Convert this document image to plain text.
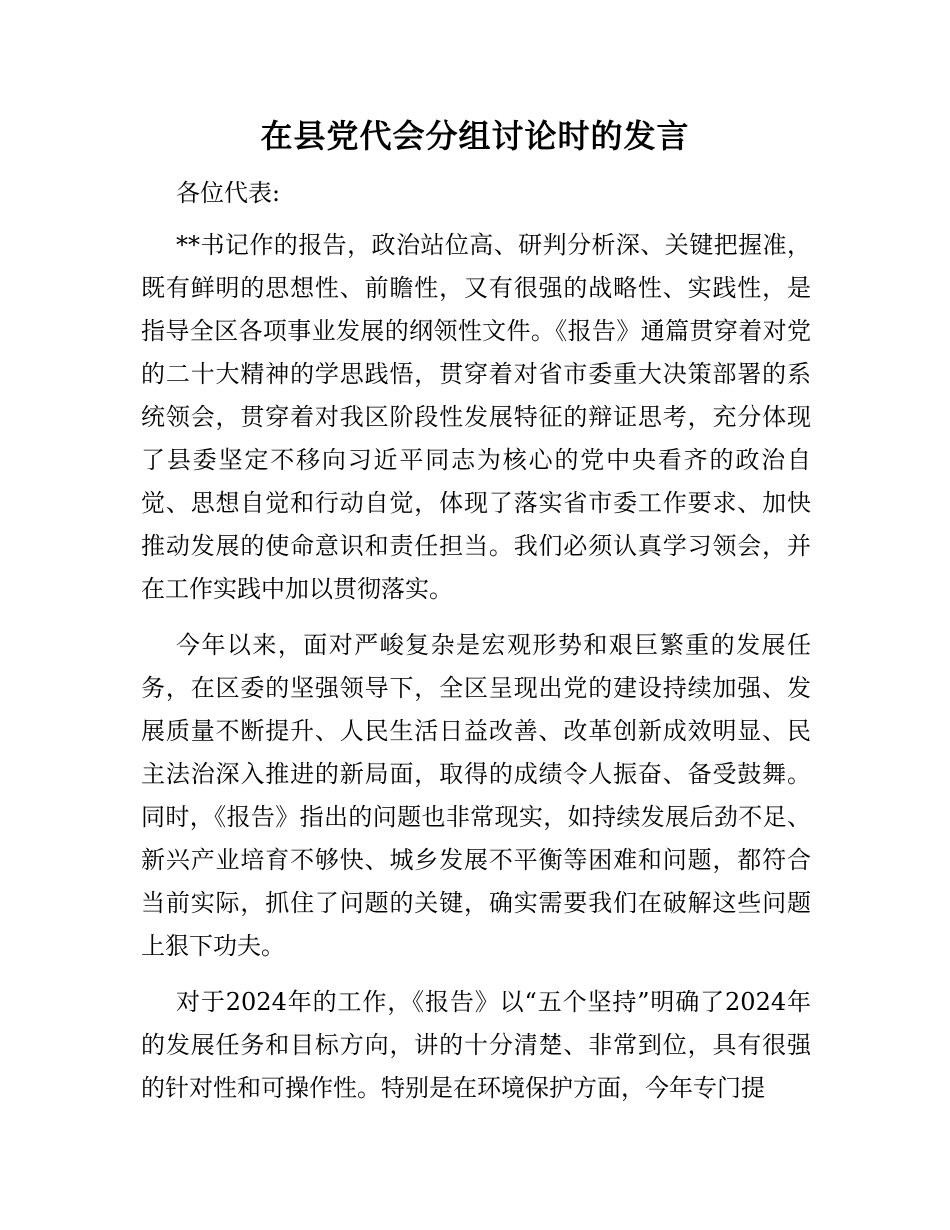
在县党代会分组讨论时的发言

各位代表:

**书记作的报告，政治站位高、研判分析深、关键把握准，既有鲜明的思想性、前瞻性，又有很强的战略性、实践性，是指导全区各项事业发展的纲领性文件。《报告》通篇贯穿着对党的二十大精神的学思践悟，贯穿着对省市委重大决策部署的系统领会，贯穿着对我区阶段性发展特征的辩证思考，充分体现了县委坚定不移向习近平同志为核心的党中央看齐的政治自觉、思想自觉和行动自觉，体现了落实省市委工作要求、加快推动发展的使命意识和责任担当。我们必须认真学习领会，并在工作实践中加以贯彻落实。

今年以来，面对严峻复杂是宏观形势和艰巨繁重的发展任务，在区委的坚强领导下，全区呈现出党的建设持续加强、发展质量不断提升、人民生活日益改善、改革创新成效明显、民主法治深入推进的新局面，取得的成绩令人振奋、备受鼓舞。同时，《报告》指出的问题也非常现实，如持续发展后劲不足、新兴产业培育不够快、城乡发展不平衡等困难和问题，都符合当前实际，抓住了问题的关键，确实需要我们在破解这些问题上狠下功夫。

对于2024年的工作，《报告》以“五个坚持”明确了2024年的发展任务和目标方向，讲的十分清楚、非常到位，具有很强的针对性和可操作性。特别是在环境保护方面，今年专门提
